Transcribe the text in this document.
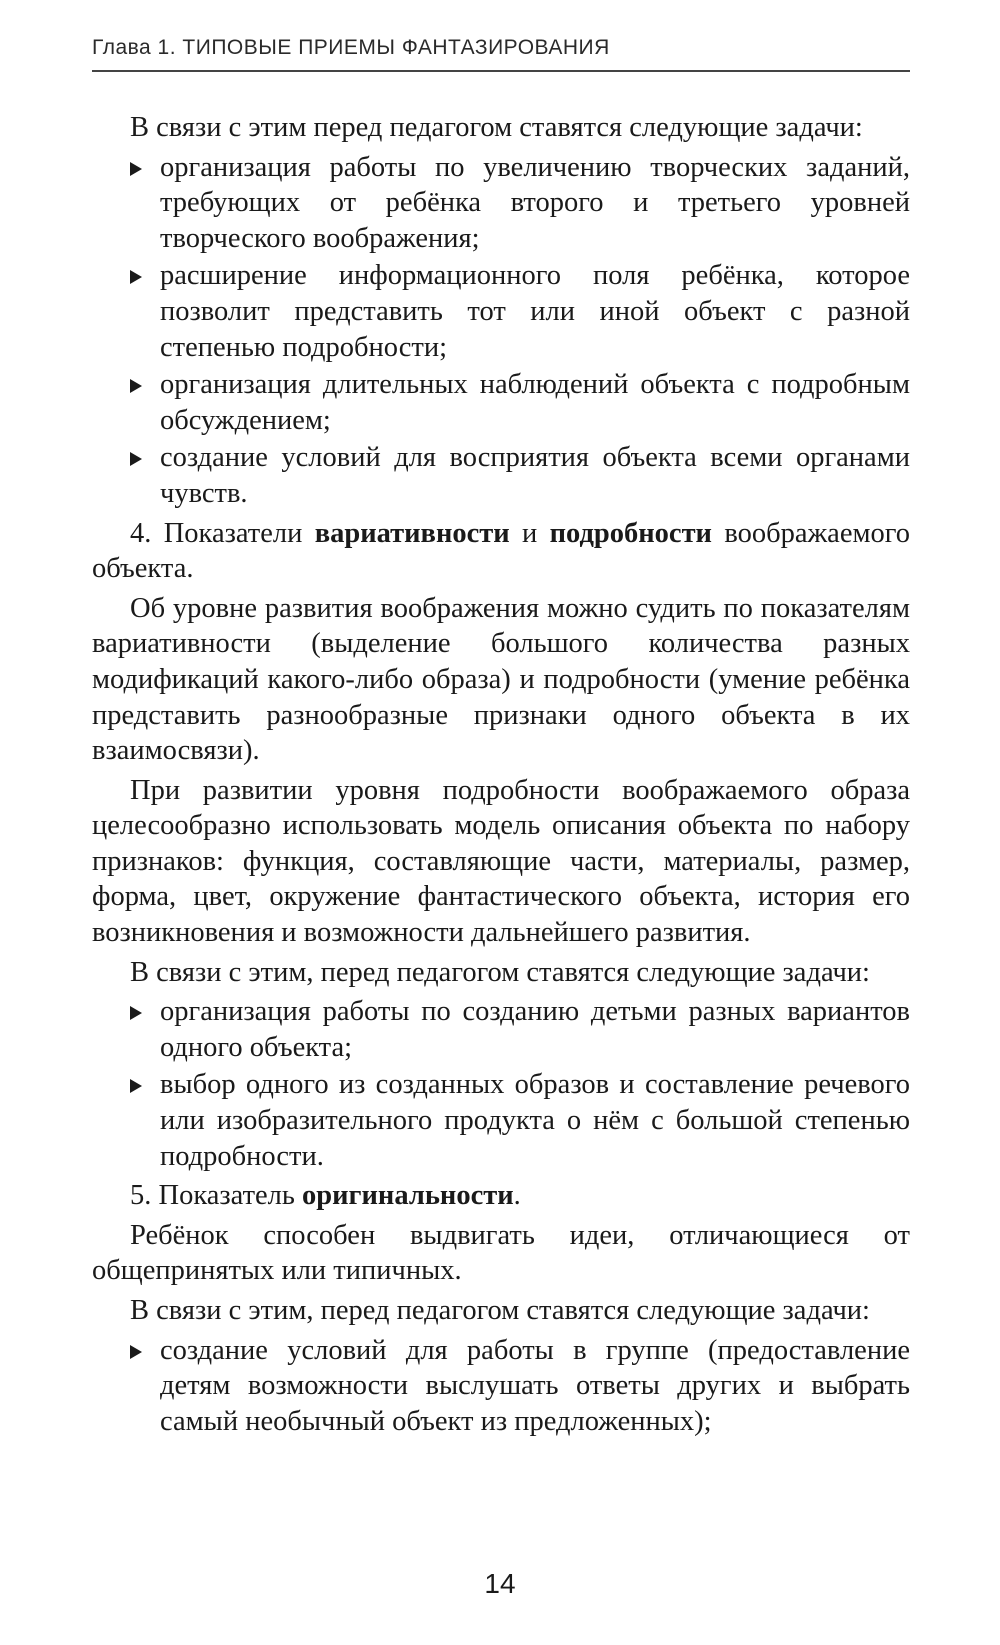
Глава 1. ТИПОВЫЕ ПРИЕМЫ ФАНТАЗИРОВАНИЯ

В связи с этим перед педагогом ставятся следующие задачи:

организация работы по увеличению творческих заданий, требующих от ребёнка второго и третьего уровней творческого воображения;
расширение информационного поля ребёнка, которое позволит представить тот или иной объект с разной степенью подробности;
организация длительных наблюдений объекта с подробным обсуждением;
создание условий для восприятия объекта всеми органами чувств.

4. Показатели вариативности и подробности воображаемого объекта.

Об уровне развития воображения можно судить по показателям вариативности (выделение большого количества разных модификаций какого-либо образа) и подробности (умение ребёнка представить разнообразные признаки одного объекта в их взаимосвязи).

При развитии уровня подробности воображаемого образа целесообразно использовать модель описания объекта по набору признаков: функция, составляющие части, материалы, размер, форма, цвет, окружение фантастического объекта, история его возникновения и возможности дальнейшего развития.

В связи с этим, перед педагогом ставятся следующие задачи:

организация работы по созданию детьми разных вариантов одного объекта;
выбор одного из созданных образов и составление речевого или изобразительного продукта о нём с большой степенью подробности.

5. Показатель оригинальности.

Ребёнок способен выдвигать идеи, отличающиеся от общепринятых или типичных.

В связи с этим, перед педагогом ставятся следующие задачи:

создание условий для работы в группе (предоставление детям возможности выслушать ответы других и выбрать самый необычный объект из предложенных);
14
